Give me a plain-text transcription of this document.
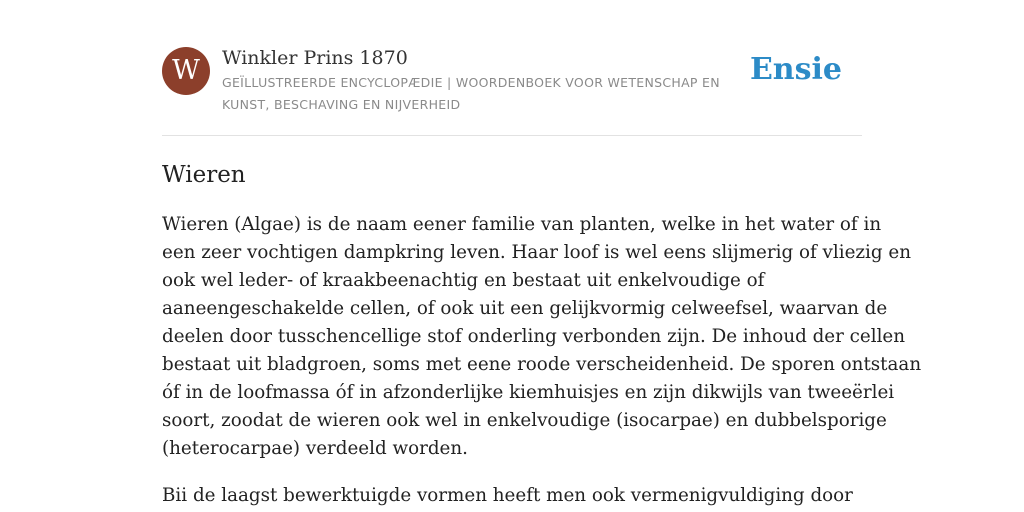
W	Winkler Prins 1870
GEÏLLUSTREERDE ENCYCLOPÆDIE | WOORDENBOEK VOOR WETENSCHAP EN
KUNST, BESCHAVING EN NIJVERHEID
Ensie
Wieren
Wieren (Algae) is de naam eener familie van planten, welke in het water of in
een zeer vochtigen dampkring leven. Haar loof is wel eens slijmerig of vliezig en
ook wel leder- of kraakbeenachtig en bestaat uit enkelvoudige of
aaneengeschakelde cellen, of ook uit een gelijkvormig celweefsel, waarvan de
deelen door tusschencellige stof onderling verbonden zijn. De inhoud der cellen
bestaat uit bladgroen, soms met eene roode verscheidenheid. De sporen ontstaan
óf in de loofmassa óf in afzonderlijke kiemhuisjes en zijn dikwijls van tweeërlei
soort, zoodat de wieren ook wel in enkelvoudige (isocarpae) en dubbelsporige
(heterocarpae) verdeeld worden.
Bii de laagst bewerktuigde vormen heeft men ook vermenigvuldiging door
